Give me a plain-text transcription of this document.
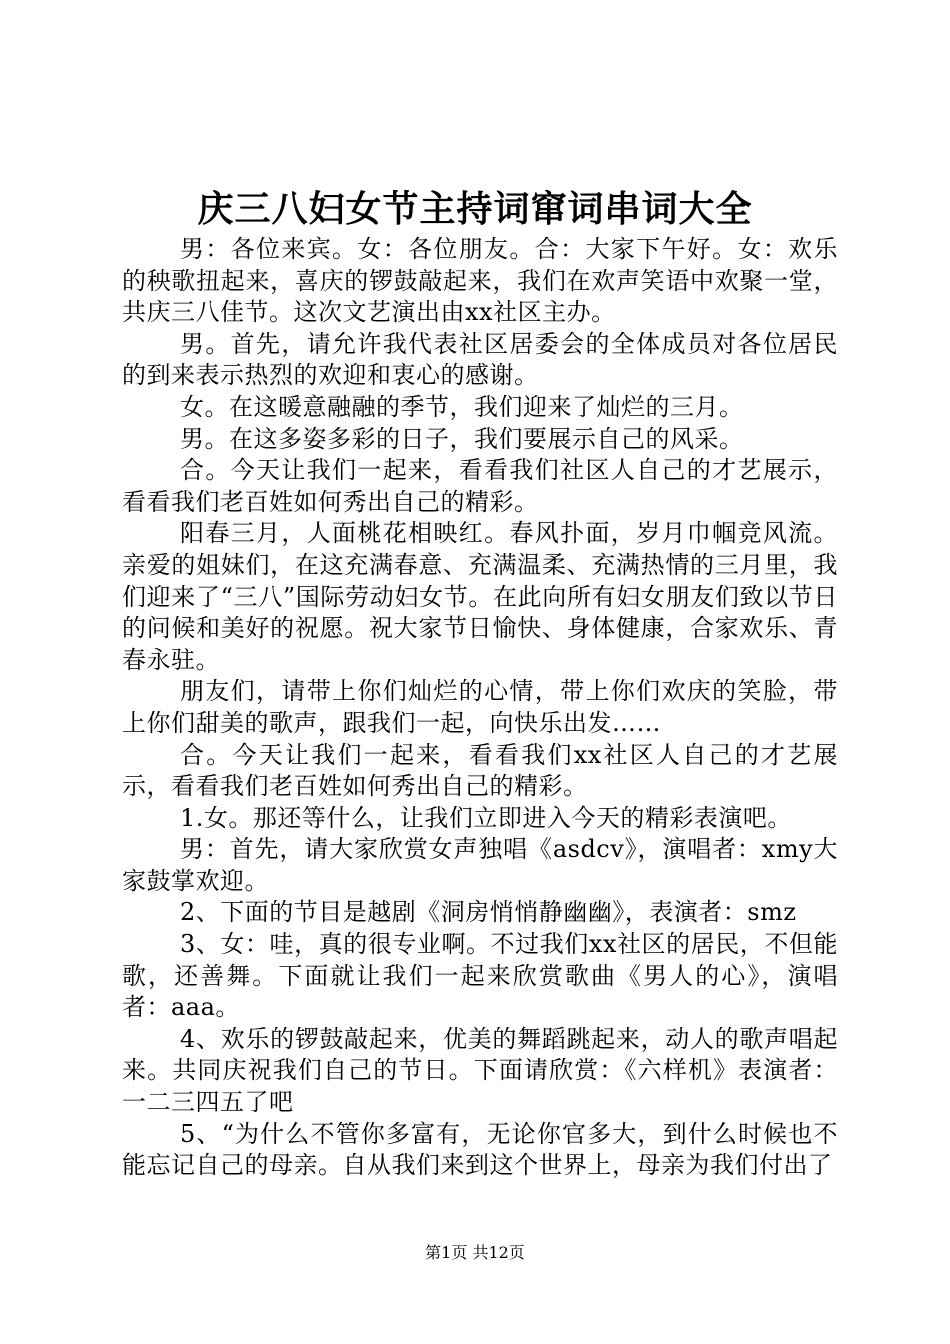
庆三八妇女节主持词窜词串词大全

男：各位来宾。女：各位朋友。合：大家下午好。女：欢乐的秧歌扭起来，喜庆的锣鼓敲起来，我们在欢声笑语中欢聚一堂，共庆三八佳节。这次文艺演出由xx社区主办。

男。首先，请允许我代表社区居委会的全体成员对各位居民的到来表示热烈的欢迎和衷心的感谢。

女。在这暖意融融的季节，我们迎来了灿烂的三月。

男。在这多姿多彩的日子，我们要展示自己的风采。

合。今天让我们一起来，看看我们社区人自己的才艺展示，看看我们老百姓如何秀出自己的精彩。

阳春三月，人面桃花相映红。春风扑面，岁月巾帼竞风流。亲爱的姐妹们，在这充满春意、充满温柔、充满热情的三月里，我们迎来了“三八”国际劳动妇女节。在此向所有妇女朋友们致以节日的问候和美好的祝愿。祝大家节日愉快、身体健康，合家欢乐、青春永驻。

朋友们，请带上你们灿烂的心情，带上你们欢庆的笑脸，带上你们甜美的歌声，跟我们一起，向快乐出发……

合。今天让我们一起来，看看我们xx社区人自己的才艺展示，看看我们老百姓如何秀出自己的精彩。

1.女。那还等什么，让我们立即进入今天的精彩表演吧。

男：首先，请大家欣赏女声独唱《asdcv》，演唱者：xmy大家鼓掌欢迎。

2、下面的节目是越剧《洞房悄悄静幽幽》，表演者：smz

3、女：哇，真的很专业啊。不过我们xx社区的居民，不但能歌，还善舞。下面就让我们一起来欣赏歌曲《男人的心》，演唱者：aaa。

4、欢乐的锣鼓敲起来，优美的舞蹈跳起来，动人的歌声唱起来。共同庆祝我们自己的节日。下面请欣赏：《六样机》表演者：一二三四五了吧

5、“为什么不管你多富有，无论你官多大，到什么时候也不能忘记自己的母亲。自从我们来到这个世界上，母亲为我们付出了

第1页 共12页
